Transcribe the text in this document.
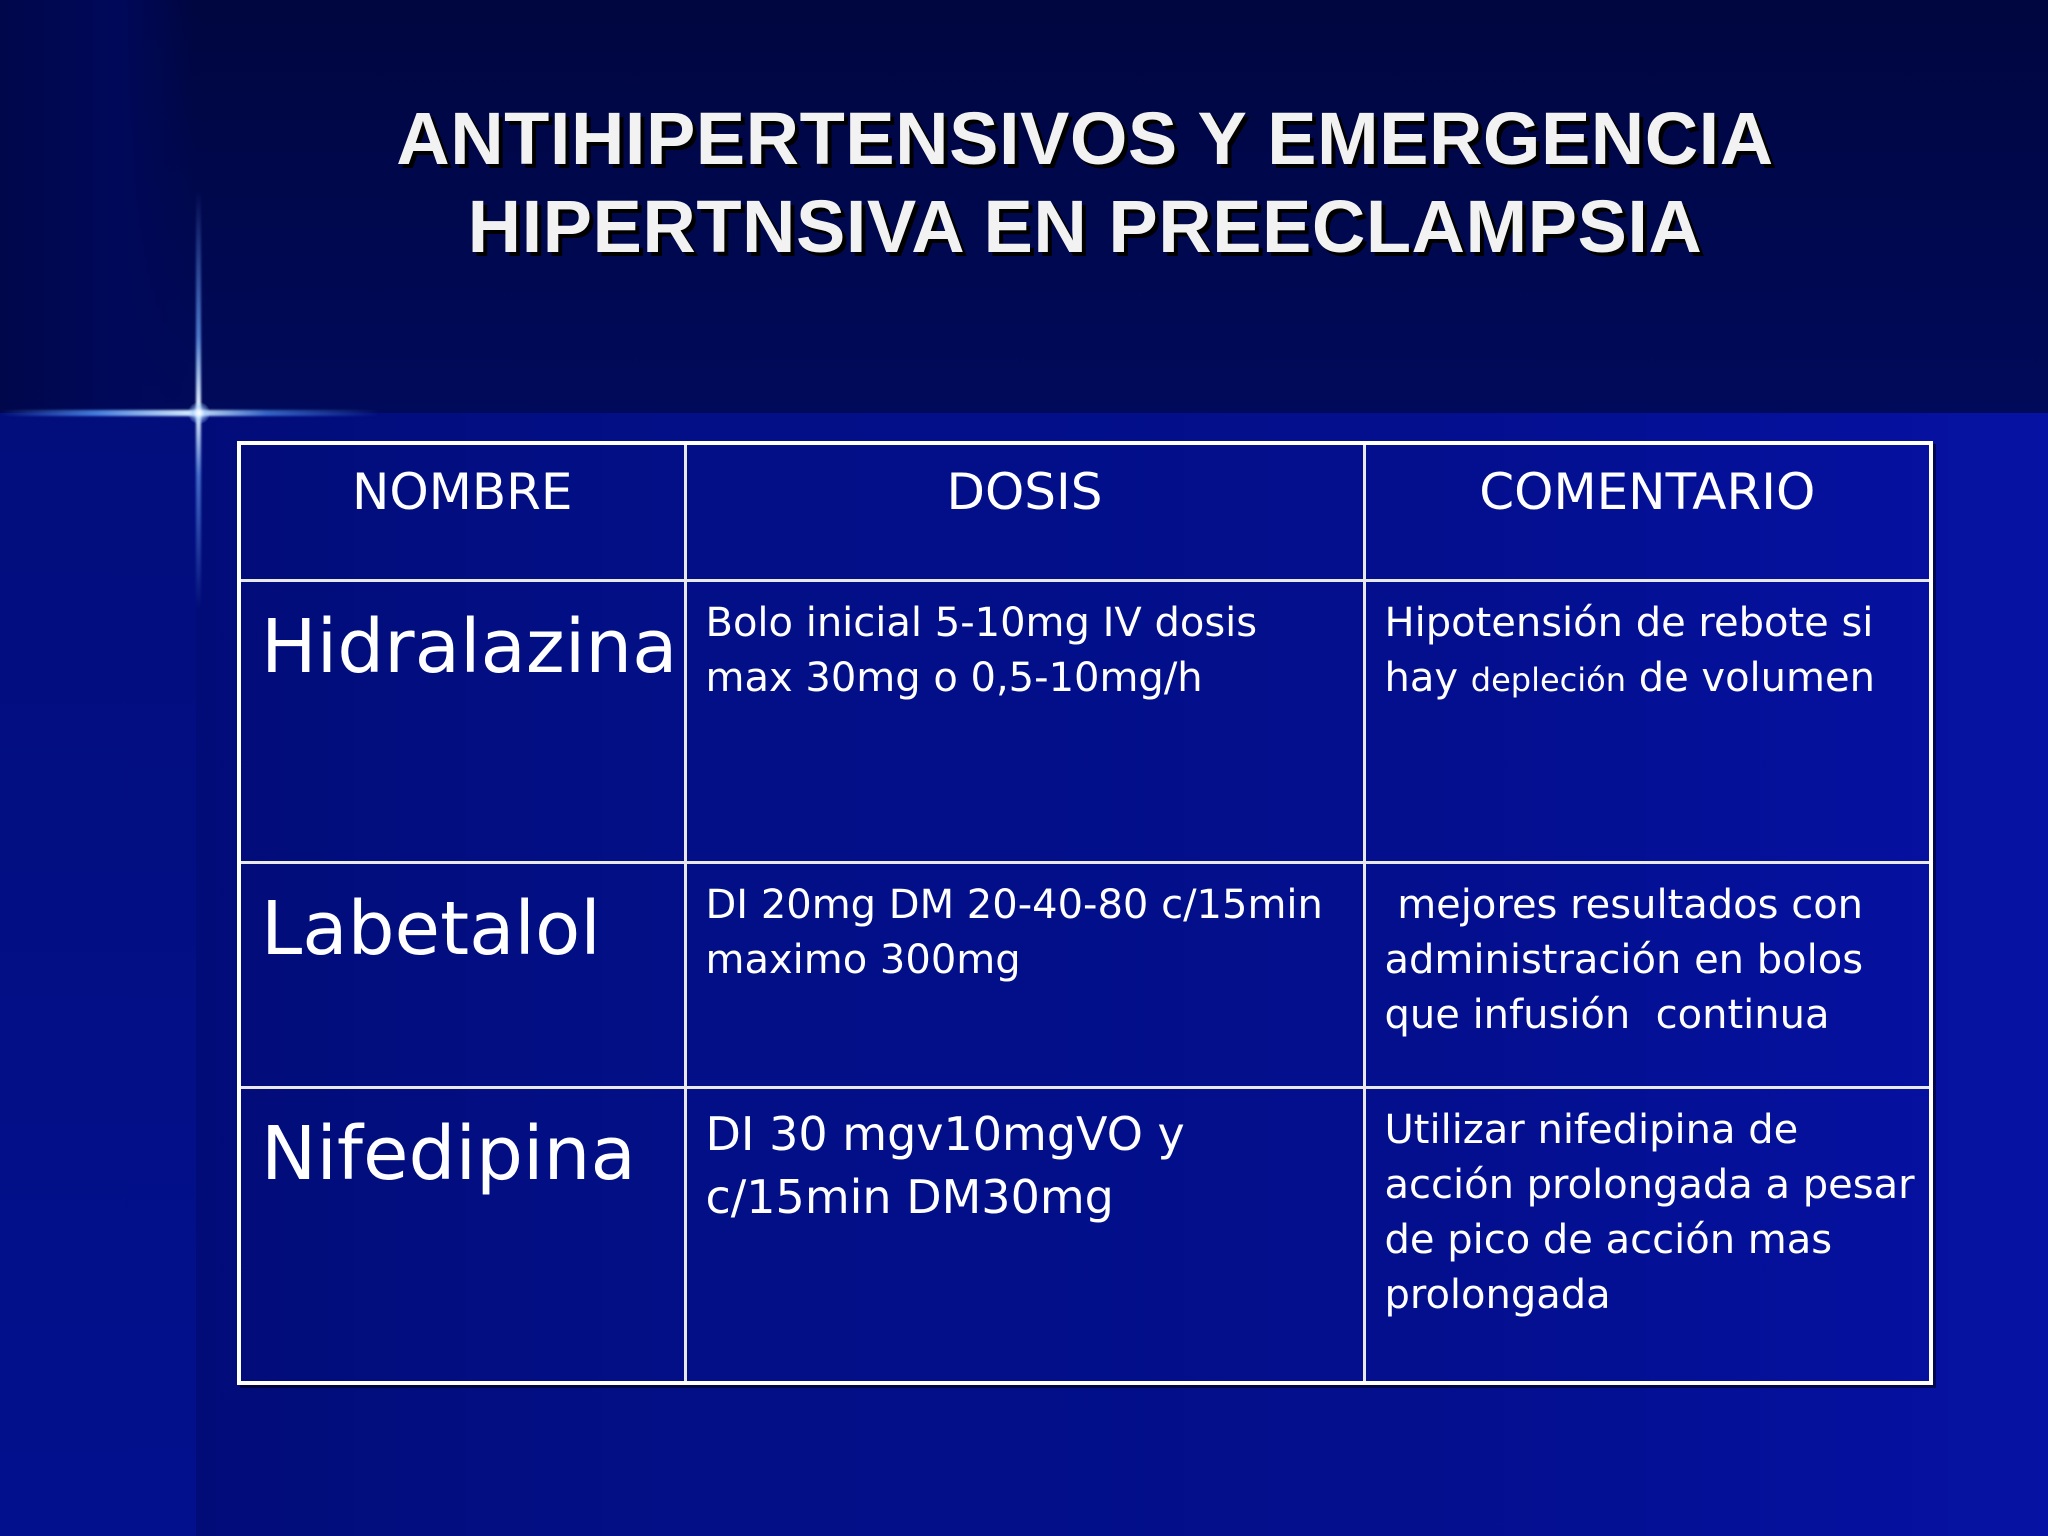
ANTIHIPERTENSIVOS Y EMERGENCIA
HIPERTNSIVA EN PREECLAMPSIA
NOMBRE	DOSIS	COMENTARIO
Hidralazina	Bolo inicial 5-10mg IV dosis max 30mg o 0,5-10mg/h	Hipotensión de rebote si hay depleción de volumen
Labetalol	DI 20mg DM 20-40-80 c/15min maximo 300mg	mejores resultados con administración en bolos que infusión  continua
Nifedipina	DI 30 mgv10mgVO y c/15min DM30mg	Utilizar nifedipina de acción prolongada a pesar de pico de acción mas prolongada
